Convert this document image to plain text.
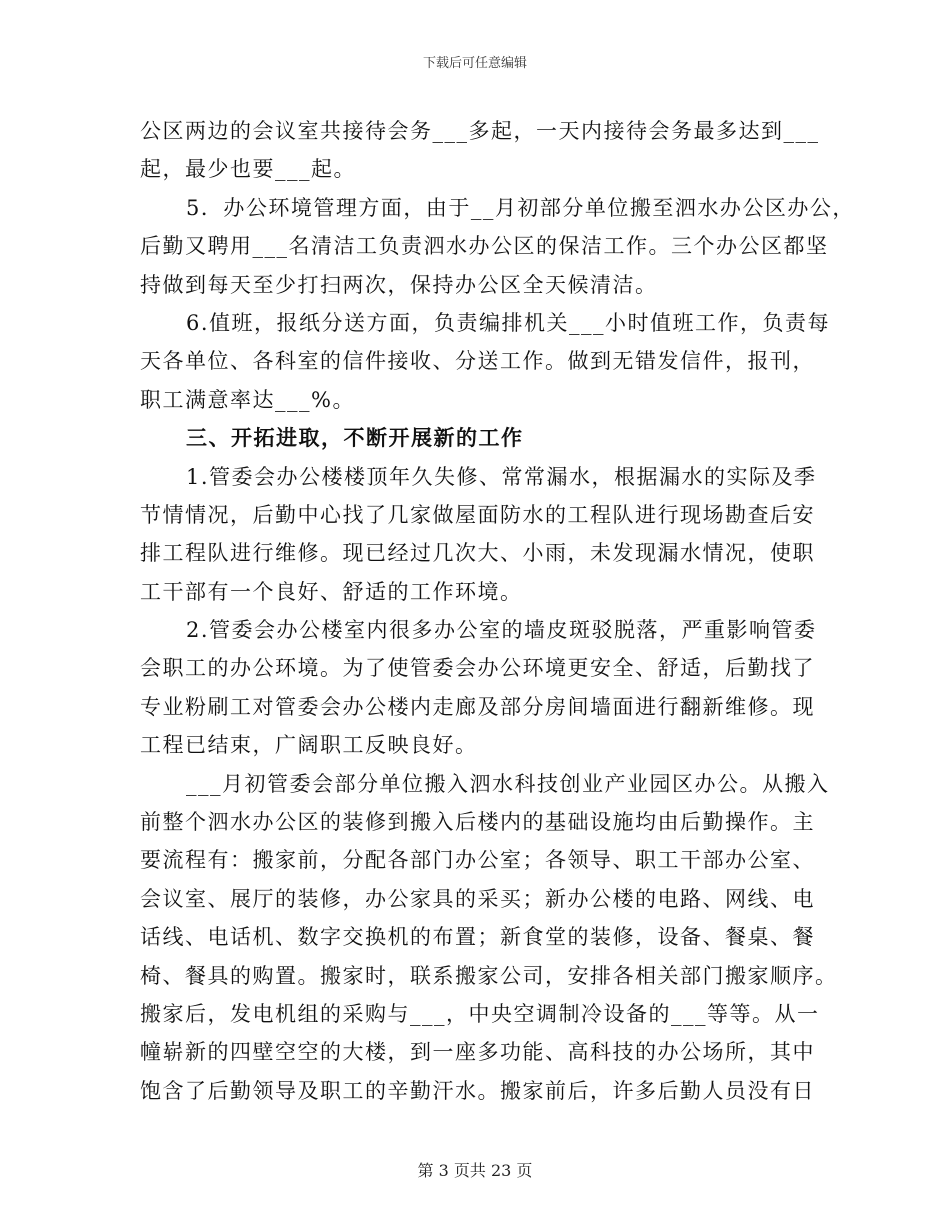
下载后可任意编辑
公区两边的会议室共接待会务___多起，一天内接待会务最多达到___
起，最少也要___起。
5．办公环境管理方面，由于__月初部分单位搬至泗水办公区办公，
后勤又聘用___名清洁工负责泗水办公区的保洁工作。三个办公区都坚
持做到每天至少打扫两次，保持办公区全天候清洁。
6.值班，报纸分送方面，负责编排机关___小时值班工作，负责每
天各单位、各科室的信件接收、分送工作。做到无错发信件，报刊，
职工满意率达___%。
三、开拓进取，不断开展新的工作
1.管委会办公楼楼顶年久失修、常常漏水，根据漏水的实际及季
节情情况，后勤中心找了几家做屋面防水的工程队进行现场勘查后安
排工程队进行维修。现已经过几次大、小雨，未发现漏水情况，使职
工干部有一个良好、舒适的工作环境。
2.管委会办公楼室内很多办公室的墙皮斑驳脱落，严重影响管委
会职工的办公环境。为了使管委会办公环境更安全、舒适，后勤找了
专业粉刷工对管委会办公楼内走廊及部分房间墙面进行翻新维修。现
工程已结束，广阔职工反映良好。
___月初管委会部分单位搬入泗水科技创业产业园区办公。从搬入
前整个泗水办公区的装修到搬入后楼内的基础设施均由后勤操作。主
要流程有：搬家前，分配各部门办公室；各领导、职工干部办公室、
会议室、展厅的装修，办公家具的采买；新办公楼的电路、网线、电
话线、电话机、数字交换机的布置；新食堂的装修，设备、餐桌、餐
椅、餐具的购置。搬家时，联系搬家公司，安排各相关部门搬家顺序。
搬家后，发电机组的采购与___，中央空调制冷设备的___等等。从一
幢崭新的四壁空空的大楼，到一座多功能、高科技的办公场所，其中
饱含了后勤领导及职工的辛勤汗水。搬家前后，许多后勤人员没有日
第 3 页共 23 页
